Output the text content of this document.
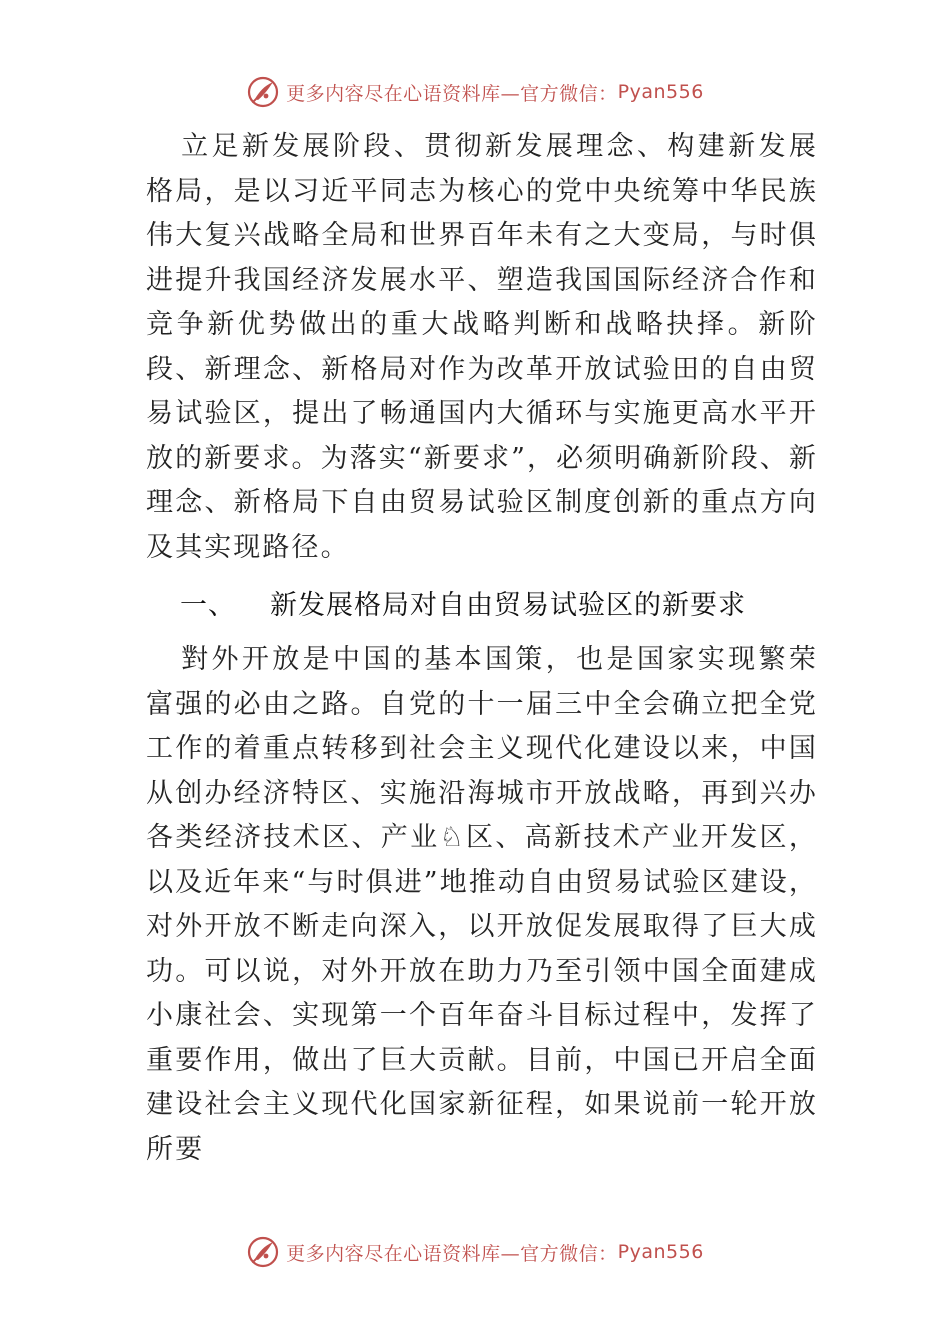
更多内容尽在心语资料库—官方微信： Pyan556

立足新发展阶段、贯彻新发展理念、构建新发展格局，是以习近平同志为核心的党中央统筹中华民族伟大复兴战略全局和世界百年未有之大变局，与时俱进提升我国经济发展水平、塑造我国国际经济合作和竞争新优势做出的重大战略判断和战略抉择。新阶段、新理念、新格局对作为改革开放试验田的自由贸易试验区，提出了畅通国内大循环与实施更高水平开放的新要求。为落实“新要求”，必须明确新阶段、新理念、新格局下自由贸易试验区制度创新的重点方向及其实现路径。

一、 新发展格局对自由贸易试验区的新要求

對外开放是中国的基本国策，也是国家实现繁荣富强的必由之路。自党的十一届三中全会确立把全党工作的着重点转移到社会主义现代化建设以来，中国从创办经济特区、实施沿海城市开放战略，再到兴办各类经济技术区、产业♘区、高新技术产业开发区，以及近年来“与时俱进”地推动自由贸易试验区建设，对外开放不断走向深入，以开放促发展取得了巨大成功。可以说，对外开放在助力乃至引领中国全面建成小康社会、实现第一个百年奋斗目标过程中，发挥了重要作用，做出了巨大贡献。目前，中国已开启全面建设社会主义现代化国家新征程，如果说前一轮开放所要

更多内容尽在心语资料库—官方微信： Pyan556
